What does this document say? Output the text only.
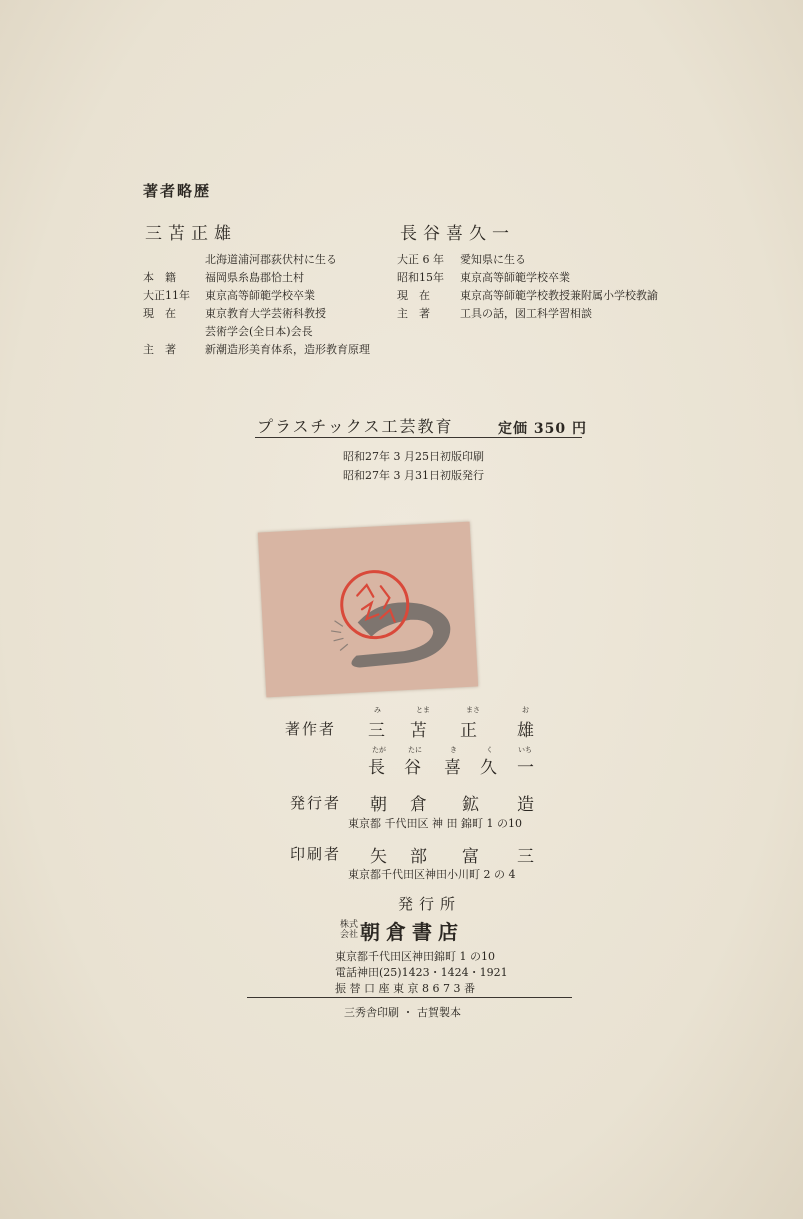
著者略歴
三苫正雄
北海道浦河郡荻伏村に生る
本　籍	福岡県糸島郡恰土村
大正11年 東京高等師範学校卒業
現　在	東京教育大学芸術科教授
芸術学会(全日本)会長
主　著	新潮造形美育体系，造形教育原理
長谷喜久一
大正 6 年 愛知県に生る
昭和15年 東京高等師範学校卒業
現　在	東京高等師範学校教授兼附属小学校教諭
主　著	工具の話，図工科学習相談
プラスチックス工芸教育	定価 350 円
昭和27年 3 月25日初版印刷
昭和27年 3 月31日初版発行
著作者
み	とま	まさ	お
三 苫 正 雄
たが	たに	き	く	いち
長 谷 喜 久 一
発行者 朝 倉 鉱 造
東京都 千代田区 神 田 錦町 1 の10
印刷者 矢 部 富 三
東京都千代田区神田小川町 2 の 4
発行所
株式
会社 朝倉書店
東京都千代田区神田錦町 1 の10
電話神田(25)1423・1424・1921
振 替 口 座 東 京 8 6 7 3 番
三秀舎印刷 ・ 古賀製本
